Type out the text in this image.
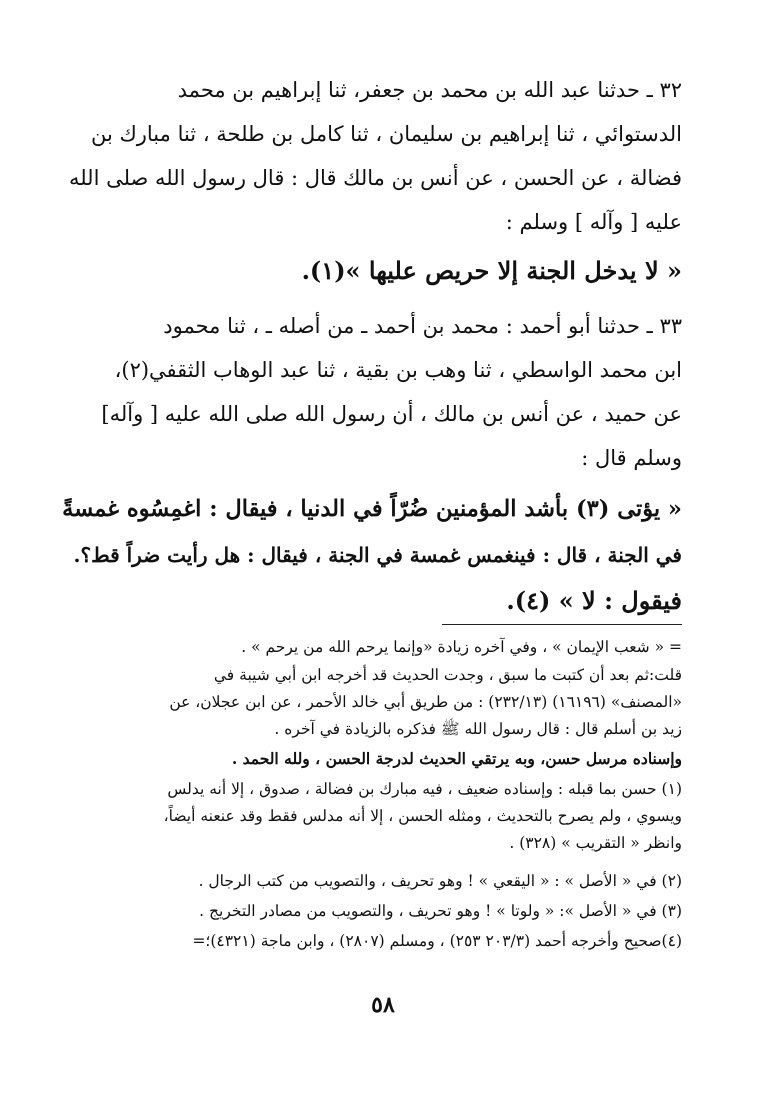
٣٢ ـ حدثنا عبد الله بن محمد بن جعفر، ثنا إبراهيم بن محمد
الدستوائي ، ثنا إبراهيم بن سليمان ، ثنا كامل بن طلحة ، ثنا مبارك بن
فضالة ، عن الحسن ، عن أنس بن مالك قال : قال رسول الله صلى الله
عليه [ وآله ] وسلم :
« لا يدخل الجنة إلا حريص عليها »(١).
٣٣ ـ حدثنا أبو أحمد : محمد بن أحمد ـ من أصله ـ ، ثنا محمود
ابن محمد الواسطي ، ثنا وهب بن بقية ، ثنا عبد الوهاب الثقفي(٢)،
عن حميد ، عن أنس بن مالك ، أن رسول الله صلى الله عليه [ وآله]
وسلم قال :
« يؤتى (٣) بأشد المؤمنين ضُرّاً في الدنيا ، فيقال : اغمِسُوه غمسةً
في الجنة ، قال : فينغمس غمسة في الجنة ، فيقال : هل رأيت ضراً قط؟.
فيقول : لا » (٤).
= « شعب الإيمان » ، وفي آخره زيادة «وإنما يرحم الله من يرحم » .
قلت:ثم بعد أن كتبت ما سبق ، وجدت الحديث قد أخرجه ابن أبي شيبة في
«المصنف» (١٦١٩٦) (٢٣٢/١٣) : من طريق أبي خالد الأحمر ، عن ابن عجلان، عن
زيد بن أسلم قال : قال رسول الله ﷺ فذكره بالزيادة في آخره .
وإسناده مرسل حسن، وبه يرتقي الحديث لدرجة الحسن ، ولله الحمد .
(١) حسن بما قبله : وإسناده ضعيف ، فيه مبارك بن فضالة ، صدوق ، إلا أنه يدلس
ويسوي ، ولم يصرح بالتحديث ، ومثله الحسن ، إلا أنه مدلس فقط وقد عنعنه أيضاً،
وانظر « التقريب » (٣٢٨) .
(٢) في « الأصل » : « اليقعي » ! وهو تحريف ، والتصويب من كتب الرجال .
(٣) في « الأصل »: « ولوتا » ! وهو تحريف ، والتصويب من مصادر التخريج .
(٤)صحيح وأخرجه أحمد (٢٠٣/٣ ٢٥٣) ، ومسلم (٢٨٠٧) ، وابن ماجة (٤٣٢١)؛=
٥٨
